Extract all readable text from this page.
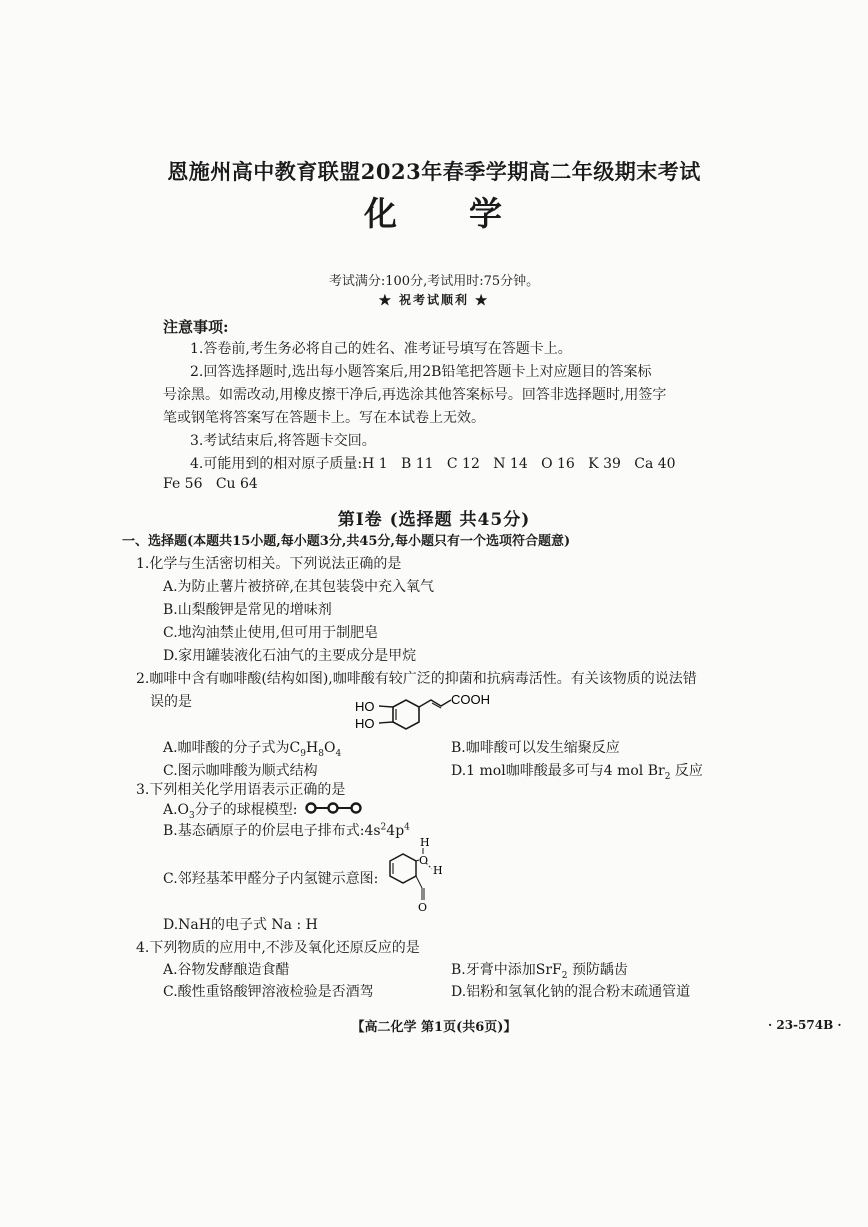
恩施州高中教育联盟2023年春季学期高二年级期末考试
化 学
考试满分:100分,考试用时:75分钟。
★ 祝考试顺利 ★
注意事项:
1.答卷前,考生务必将自己的姓名、准考证号填写在答题卡上。
2.回答选择题时,选出每小题答案后,用2B铅笔把答题卡上对应题目的答案标
号涂黑。如需改动,用橡皮擦干净后,再选涂其他答案标号。回答非选择题时,用签字
笔或钢笔将答案写在答题卡上。写在本试卷上无效。
3.考试结束后,将答题卡交回。
4.可能用到的相对原子质量:H 1   B 11   C 12   N 14   O 16   K 39   Ca 40
Fe 56   Cu 64
第Ⅰ卷 (选择题 共45分)
一、选择题(本题共15小题,每小题3分,共45分,每小题只有一个选项符合题意)
1.化学与生活密切相关。下列说法正确的是
A.为防止薯片被挤碎,在其包装袋中充入氧气
B.山梨酸钾是常见的增味剂
C.地沟油禁止使用,但可用于制肥皂
D.家用罐装液化石油气的主要成分是甲烷
2.咖啡中含有咖啡酸(结构如图),咖啡酸有较广泛的抑菌和抗病毒活性。有关该物质的说法错
误的是	HO
HO
COOH
A.咖啡酸的分子式为$C_9H_8O_4$	B.咖啡酸可以发生缩聚反应
C.图示咖啡酸为顺式结构	D.1 mol咖啡酸最多可与4 mol $Br_2$ 反应
3.下列相关化学用语表示正确的是
$A.O_3$分子的球棍模型:
B.基态硒原子的价层电子排布式$:4s^24p^4$
C.邻羟基苯甲醛分子内氢键示意图:
H
O
H
O
D.NaH的电子式 Na : H
4.下列物质的应用中,不涉及氧化还原反应的是
A.谷物发酵酿造食醋	B.牙膏中添加SrF$_2$ 预防龋齿
C.酸性重铬酸钾溶液检验是否酒驾	D.铝粉和氢氧化钠的混合粉末疏通管道
【高二化学 第1页(共6页)】	· 23-574B ·
